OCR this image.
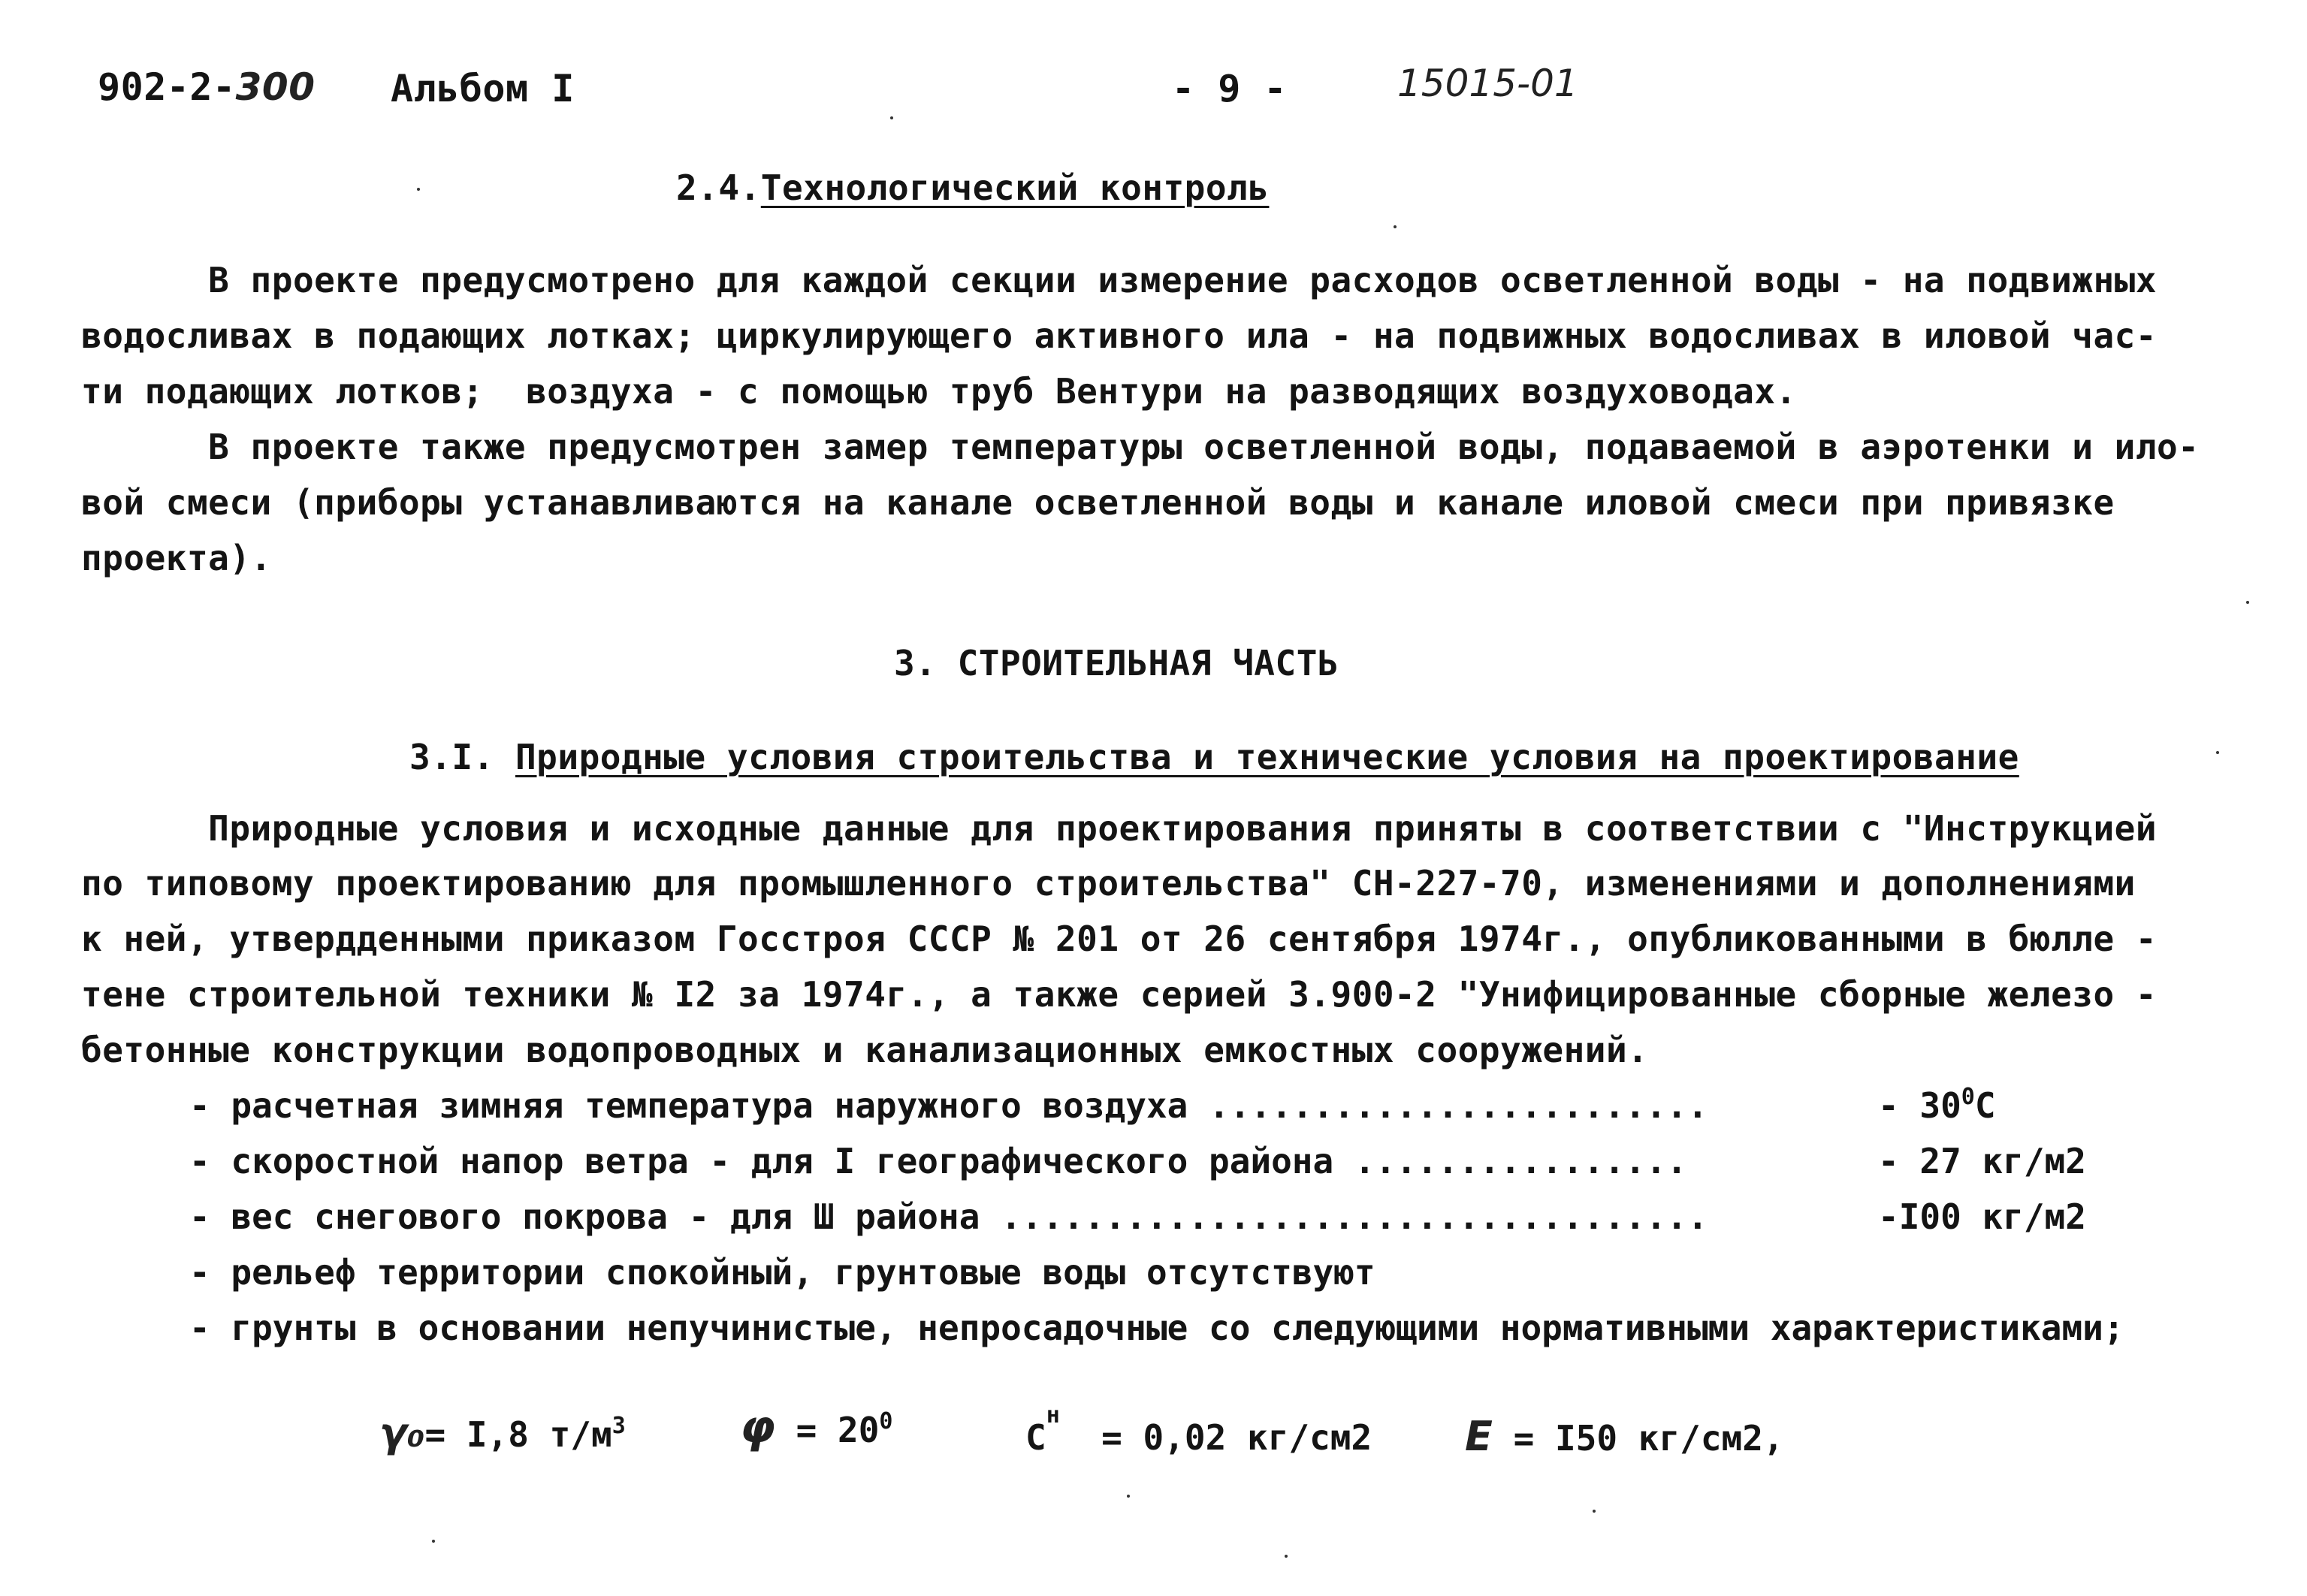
902-2-300 Альбом I	- 9 -	15015-01
2.4.Технологический контроль
В проекте предусмотрено для каждой секции измерение расходов осветленной воды - на подвижных
водосливах в подающих лотках; циркулирующего активного ила - на подвижных водосливах в иловой час-
ти подающих лотков;  воздуха - с помощью труб Вентури на разводящих воздуховодах.
В проекте также предусмотрен замер температуры осветленной воды, подаваемой в аэротенки и ило-
вой смеси (приборы устанавливаются на канале осветленной воды и канале иловой смеси при привязке
проекта).
3. СТРОИТЕЛЬНАЯ ЧАСТЬ
3.I. Природные условия строительства и технические условия на проектирование
Природные условия и исходные данные для проектирования приняты в соответствии с "Инструкцией
по типовому проектированию для промышленного строительства" СН-227-70, изменениями и дополнениями
к ней, утвердденными приказом Госстроя СССР № 201 от 26 сентября 1974г., опубликованными в бюлле -
тене строительной техники № I2 за 1974г., а также серией 3.900-2 "Унифицированные сборные железо -
бетонные конструкции водопроводных и канализационных емкостных сооружений.
- расчетная зимняя температура наружного воздуха ........................	- $30^0C$
- скоростной напор ветра - для I географического района ................	- 27 кг/м2
- вес снегового покрова - для Ш района ..................................	-I00 кг/м2
- рельеф территории спокойный, грунтовые воды отсутствуют
- грунты в основании непучинистые, непросадочные со следующими нормативными характеристиками;
γ₀= I,8 $т/м^3$	$\varphi = 20^0$	$C^н = 0,02$ кг/см2 E = I50 кг/см2,
